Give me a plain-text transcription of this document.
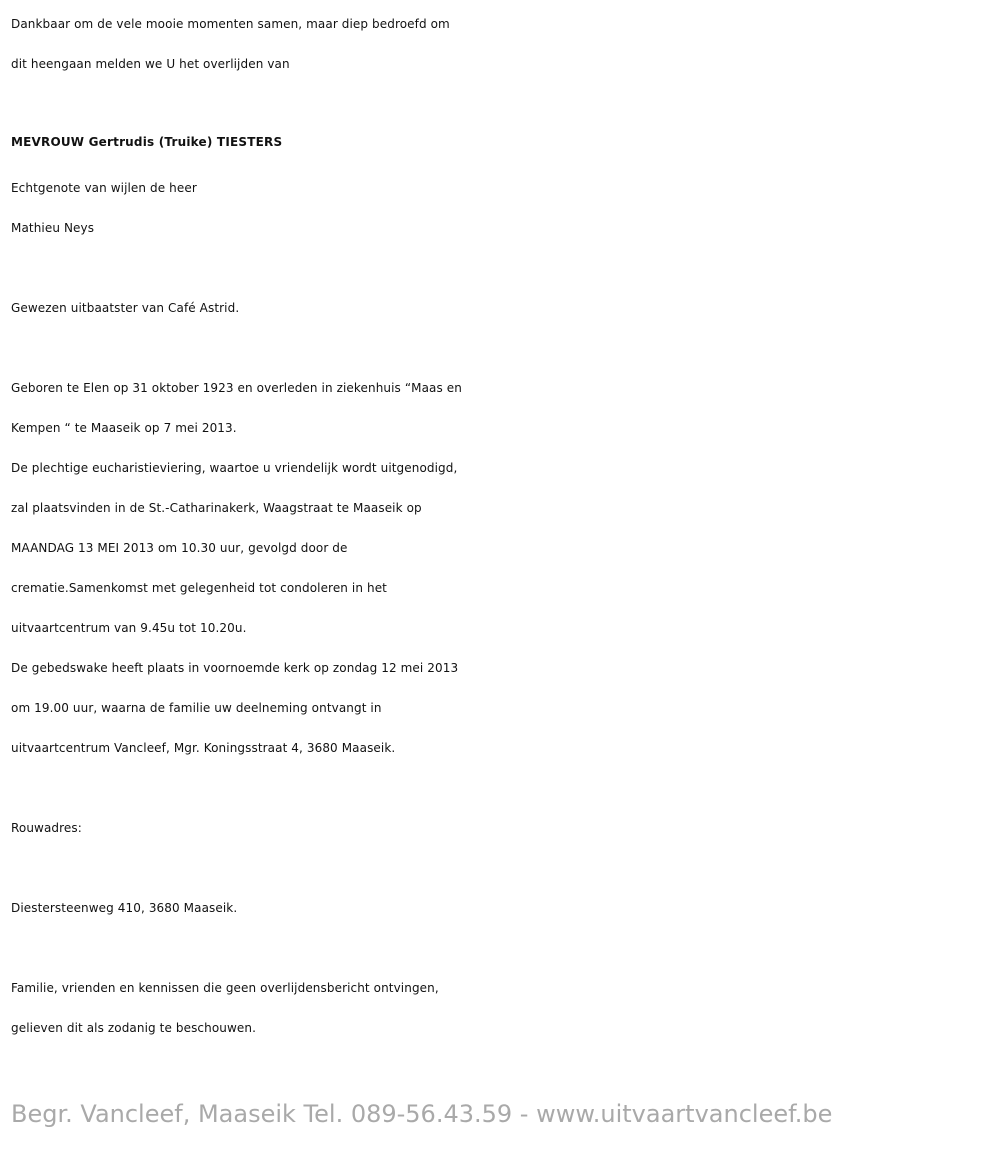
Dankbaar om de vele mooie momenten samen, maar diep bedroefd om
dit heengaan melden we U het overlijden van
MEVROUW Gertrudis (Truike) TIESTERS
Echtgenote van wijlen de heer
Mathieu Neys
Gewezen uitbaatster van Café Astrid.
Geboren te Elen op 31 oktober 1923 en overleden in ziekenhuis “Maas en
Kempen “ te Maaseik op 7 mei 2013.
De plechtige eucharistieviering, waartoe u vriendelijk wordt uitgenodigd,
zal plaatsvinden in de St.-Catharinakerk, Waagstraat te Maaseik op
MAANDAG 13 MEI 2013 om 10.30 uur, gevolgd door de
crematie.Samenkomst met gelegenheid tot condoleren in het
uitvaartcentrum van 9.45u tot 10.20u.
De gebedswake heeft plaats in voornoemde kerk op zondag 12 mei 2013
om 19.00 uur, waarna de familie uw deelneming ontvangt in
uitvaartcentrum Vancleef, Mgr. Koningsstraat 4, 3680 Maaseik.
Rouwadres:
Diestersteenweg 410, 3680 Maaseik.
Familie, vrienden en kennissen die geen overlijdensbericht ontvingen,
gelieven dit als zodanig te beschouwen.
Begr. Vancleef, Maaseik Tel. 089-56.43.59 - www.uitvaartvancleef.be
